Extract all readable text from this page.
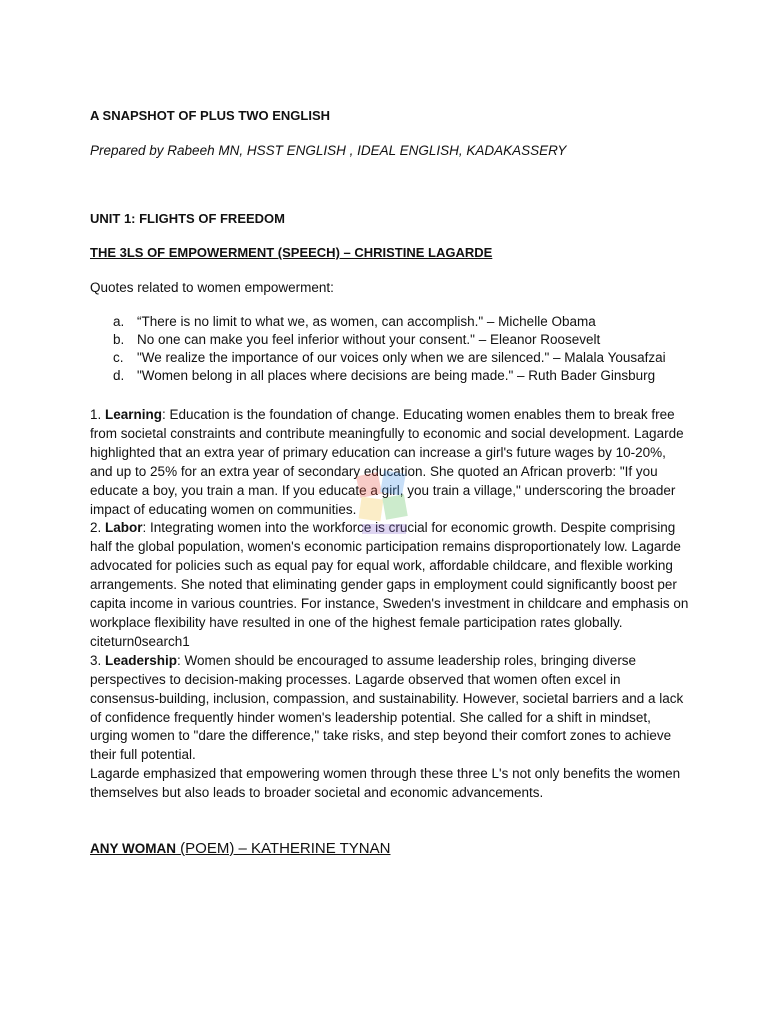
A SNAPSHOT OF PLUS TWO ENGLISH
Prepared by Rabeeh MN, HSST ENGLISH , IDEAL ENGLISH, KADAKASSERY
UNIT 1: FLIGHTS OF FREEDOM
THE 3LS OF EMPOWERMENT (SPEECH) – CHRISTINE LAGARDE
Quotes related to women empowerment:
a. “There is no limit to what we, as women, can accomplish." – Michelle Obama
b. No one can make you feel inferior without your consent." – Eleanor Roosevelt
c. "We realize the importance of our voices only when we are silenced." – Malala Yousafzai
d. "Women belong in all places where decisions are being made." – Ruth Bader Ginsburg

1. Learning: Education is the foundation of change. Educating women enables them to break free from societal constraints and contribute meaningfully to economic and social development. Lagarde highlighted that an extra year of primary education can increase a girl's future wages by 10-20%, and up to 25% for an extra year of secondary education. She quoted an African proverb: "If you educate a boy, you train a man. If you educate a girl, you train a village," underscoring the broader impact of educating women on communities.

2. Labor: Integrating women into the workforce is crucial for economic growth. Despite comprising half the global population, women's economic participation remains disproportionately low. Lagarde advocated for policies such as equal pay for equal work, affordable childcare, and flexible working arrangements. She noted that eliminating gender gaps in employment could significantly boost per capita income in various countries. For instance, Sweden's investment in childcare and emphasis on workplace flexibility have resulted in one of the highest female participation rates globally. citeturn0search1

3. Leadership: Women should be encouraged to assume leadership roles, bringing diverse perspectives to decision-making processes. Lagarde observed that women often excel in consensus-building, inclusion, compassion, and sustainability. However, societal barriers and a lack of confidence frequently hinder women's leadership potential. She called for a shift in mindset, urging women to "dare the difference," take risks, and step beyond their comfort zones to achieve their full potential.

Lagarde emphasized that empowering women through these three L's not only benefits the women themselves but also leads to broader societal and economic advancements.

ANY WOMAN (POEM) – KATHERINE TYNAN
